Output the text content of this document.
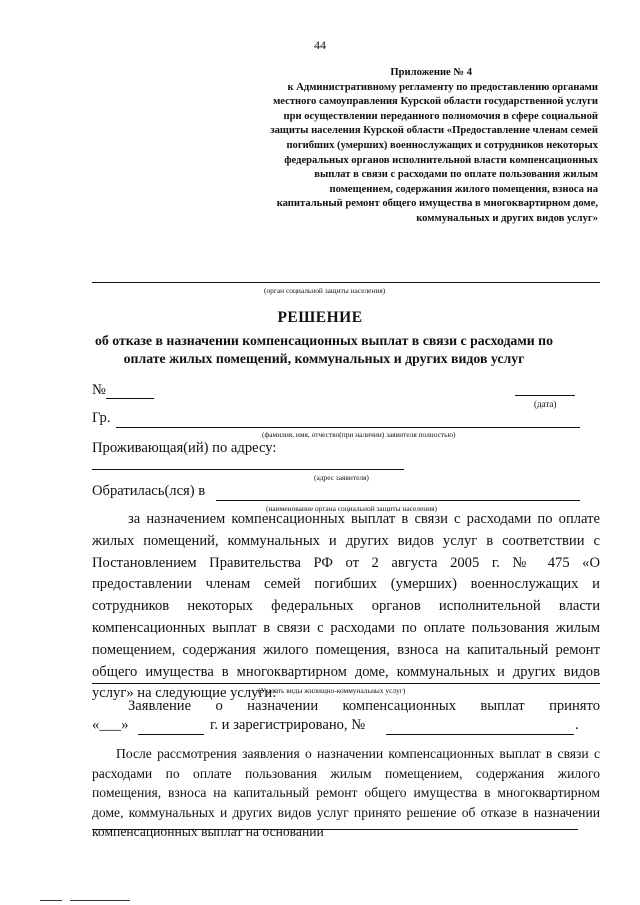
44
Приложение № 4
к Административному регламенту по предоставлению органами местного самоуправления Курской области государственной услуги при осуществлении переданного полномочия в сфере социальной защиты населения Курской области «Предоставление членам семей погибших (умерших) военнослужащих и сотрудников некоторых федеральных органов исполнительной власти компенсационных выплат в связи с расходами по оплате пользования жилым помещением, содержания жилого помещения, взноса на капитальный ремонт общего имущества в многоквартирном доме, коммунальных и других видов услуг»
(орган социальной защиты населения)
РЕШЕНИЕ
об отказе в назначении компенсационных выплат в связи с расходами по оплате жилых помещений, коммунальных и других видов услуг
№
(дата)
Гр.
(фамилия, имя, отчество(при наличии) заявителя полностью)
Проживающая(ий) по адресу:
(адрес заявителя)
Обратилась(лся) в
(наименование органа социальной защиты населения)
за назначением компенсационных выплат в связи с расходами по оплате жилых помещений, коммунальных и других видов услуг в соответствии с Постановлением Правительства РФ от 2 августа 2005 г. № 475 «О предоставлении членам семей погибших (умерших) военнослужащих и сотрудников некоторых федеральных органов исполнительной власти компенсационных выплат в связи с расходами по оплате пользования жилым помещением, содержания жилого помещения, взноса на капитальный ремонт общего имущества в многоквартирном доме, коммунальных и других видов услуг» на следующие услуги:
(Указать виды жилищно-коммунальных услуг)
Заявление о назначении компенсационных выплат принято
«___»	г. и зарегистрировано, №	.
После рассмотрения заявления о назначении компенсационных выплат в связи с расходами по оплате пользования жилым помещением, содержания жилого помещения, взноса на капитальный ремонт общего имущества в многоквартирном доме, коммунальных и других видов услуг принято решение об отказе в назначении компенсационных выплат на основании
